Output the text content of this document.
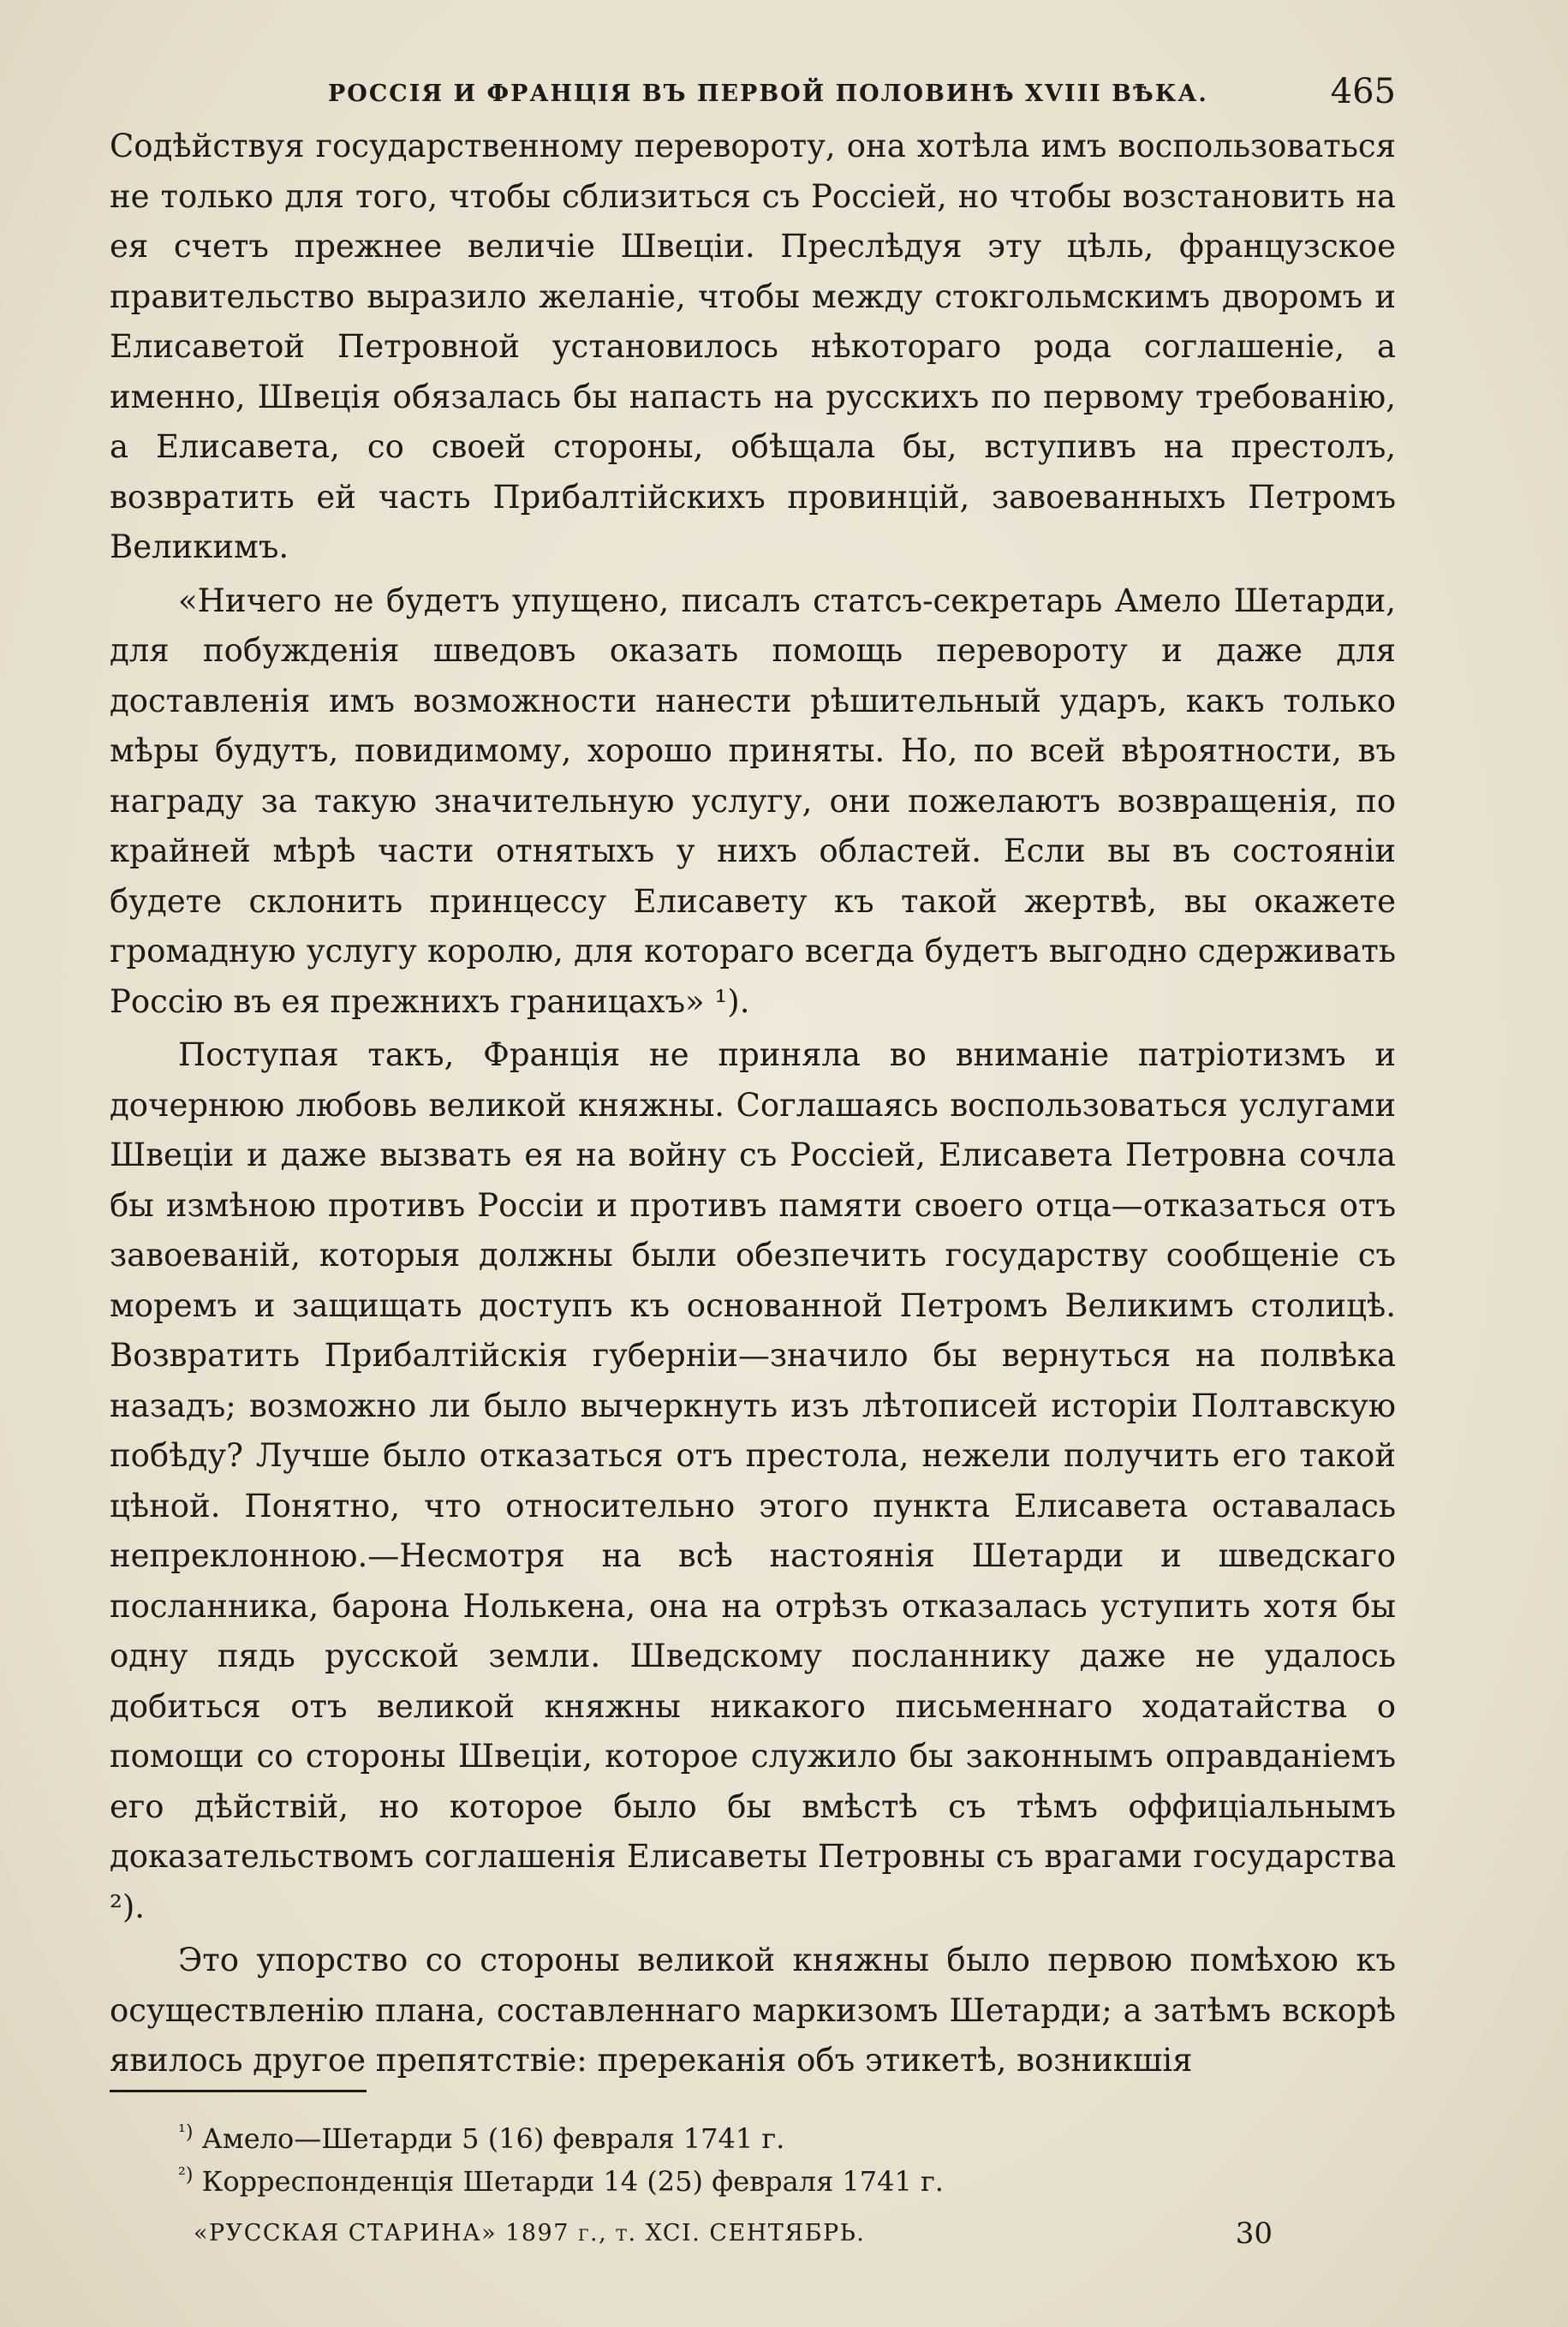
РОССІЯ И ФРАНЦІЯ ВЪ ПЕРВОЙ ПОЛОВИНѢ XVIII ВѢКА.	465

Содѣйствуя государственному перевороту, она хотѣла имъ воспользоваться не только для того, чтобы сблизиться съ Россіей, но чтобы возстановить на ея счетъ прежнее величіе Швеціи. Преслѣдуя эту цѣль, французское правительство выразило желаніе, чтобы между стокгольмскимъ дворомъ и Елисаветой Петровной установилось нѣкотораго рода соглашеніе, а именно, Швеція обязалась бы напасть на русскихъ по первому требованію, а Елисавета, со своей стороны, обѣщала бы, вступивъ на престолъ, возвратить ей часть Прибалтійскихъ провинцій, завоеванныхъ Петромъ Великимъ.

«Ничего не будетъ упущено, писалъ статсъ-секретарь Амело Шетарди, для побужденія шведовъ оказать помощь перевороту и даже для доставленія имъ возможности нанести рѣшительный ударъ, какъ только мѣры будутъ, повидимому, хорошо приняты. Но, по всей вѣроятности, въ награду за такую значительную услугу, они пожелаютъ возвращенія, по крайней мѣрѣ части отнятыхъ у нихъ областей. Если вы въ состояніи будете склонить принцессу Елисавету къ такой жертвѣ, вы окажете громадную услугу королю, для котораго всегда будетъ выгодно сдерживать Россію въ ея прежнихъ границахъ» ¹).

Поступая такъ, Франція не приняла во вниманіе патріотизмъ и дочернюю любовь великой княжны. Соглашаясь воспользоваться услугами Швеціи и даже вызвать ея на войну съ Россіей, Елисавета Петровна сочла бы измѣною противъ Россіи и противъ памяти своего отца—отказаться отъ завоеваній, которыя должны были обезпечить государству сообщеніе съ моремъ и защищать доступъ къ основанной Петромъ Великимъ столицѣ. Возвратить Прибалтійскія губерніи—значило бы вернуться на полвѣка назадъ; возможно ли было вычеркнуть изъ лѣтописей исторіи Полтавскую побѣду? Лучше было отказаться отъ престола, нежели получить его такой цѣной. Понятно, что относительно этого пункта Елисавета оставалась непреклонною.—Несмотря на всѣ настоянія Шетарди и шведскаго посланника, барона Нолькена, она на отрѣзъ отказалась уступить хотя бы одну пядь русской земли. Шведскому посланнику даже не удалось добиться отъ великой княжны никакого письменнаго ходатайства о помощи со стороны Швеціи, которое служило бы законнымъ оправданіемъ его дѣйствій, но которое было бы вмѣстѣ съ тѣмъ оффиціальнымъ доказательствомъ соглашенія Елисаветы Петровны съ врагами государства ²).

Это упорство со стороны великой княжны было первою помѣхою къ осуществленію плана, составленнаго маркизомъ Шетарди; а затѣмъ вскорѣ явилось другое препятствіе: пререканія объ этикетѣ, возникшія

$^{^1)}$ Амело—Шетарди 5 (16) февраля 1741 г.
$^{^2)}$ Корреспонденція Шетарди 14 (25) февраля 1741 г.
«РУССКАЯ СТАРИНА» 1897 г., т. XCI. СЕНТЯБРЬ.	30
